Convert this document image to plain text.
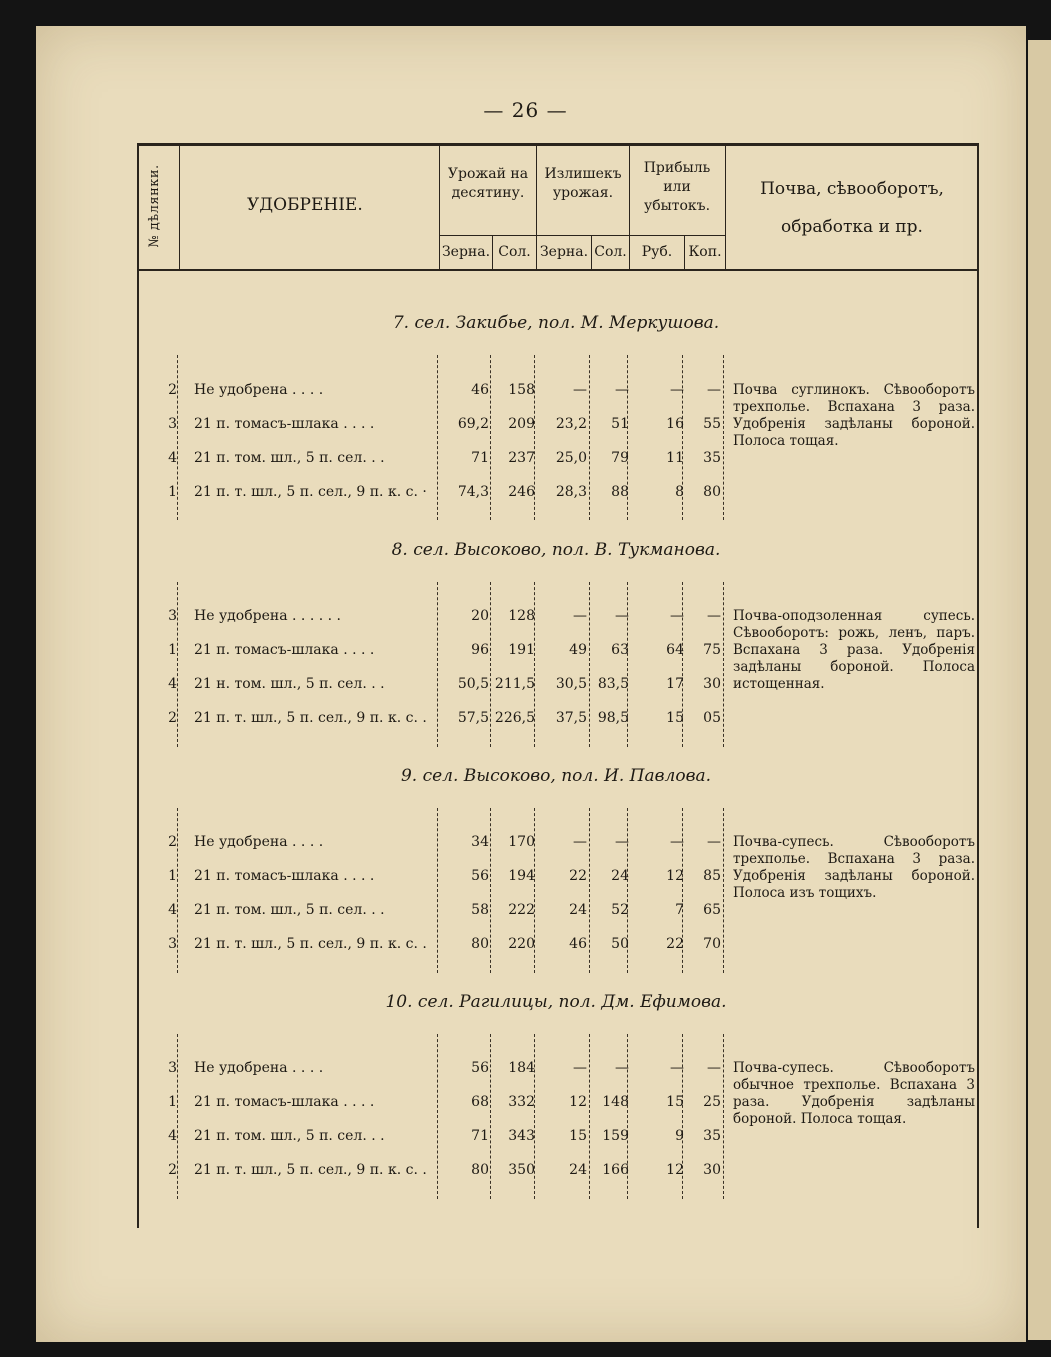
— 26 —
№ дѣлянки.	УДОБРЕНІЕ.
Урожай на десятину.
Излишекъ урожая.
Прибыль или убытокъ.
Почва, сѣвооборотъ,
обработка и пр.
Зерна. Сол. Зерна. Сол.	Руб.	Коп.
7. сел. Закибье, пол. М. Меркушова.
2 Не удобрена . . . .	46	158	—	—	—	—
3 21 п. томасъ-шлака . . . .	69,2	209	23,2	51	16	55
4 21 п. том. шл., 5 п. сел. . .	71	237	25,0	79	11	35
1 21 п. т. шл., 5 п. сел., 9 п. к. с. ·	74,3	246	28,3	88	8	80
Почва суглинокъ. Сѣвооборотъ трехполье. Вспахана 3 раза. Удобренія задѣланы бороной. Полоса тощая.
8. сел. Высоково, пол. В. Тукманова.
3 Не удобрена . . . . . .	20	128	—	—	—	—
1 21 п. томасъ-шлака . . . .	96	191	49	63	64	75
4 21 н. том. шл., 5 п. сел. . .	50,5 211,5	30,5 83,5	17	30
2 21 п. т. шл., 5 п. сел., 9 п. к. с. .	57,5 226,5	37,5 98,5	15	05
Почва-оподзоленная супесь. Сѣвооборотъ: рожь, ленъ, паръ. Вспахана 3 раза. Удобренія задѣланы бороной. Полоса истощенная.
9. сел. Высоково, пол. И. Павлова.
2 Не удобрена . . . .	34	170	—	—	—	—
1 21 п. томасъ-шлака . . . .	56	194	22	24	12	85
4 21 п. том. шл., 5 п. сел. . .	58	222	24	52	7	65
3 21 п. т. шл., 5 п. сел., 9 п. к. с. .	80	220	46	50	22	70
Почва-супесь. Сѣвооборотъ трехполье. Вспахана 3 раза. Удобренія задѣланы бороной. Полоса изъ тощихъ.
10. сел. Рагилицы, пол. Дм. Ефимова.
3 Не удобрена . . . .	56	184	—	—	—	—
1 21 п. томасъ-шлака . . . .	68	332	12	148	15	25
4 21 п. том. шл., 5 п. сел. . .	71	343	15	159	9	35
2 21 п. т. шл., 5 п. сел., 9 п. к. с. .	80	350	24	166	12	30
Почва-супесь. Сѣвооборотъ обычное трехполье. Вспахана 3 раза. Удобренія задѣланы бороной. Полоса тощая.
